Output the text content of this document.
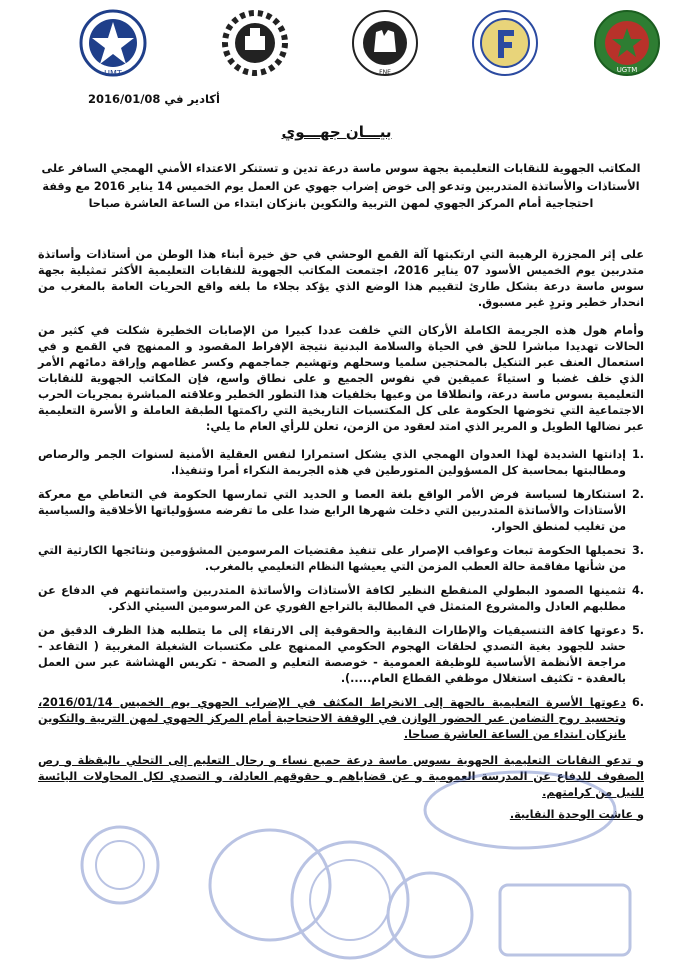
UMT	FNE	UGTM
أكادير في 2016/01/08
بيـــان جهـــوي

المكاتب الجهوية للنقابات التعليمية بجهة سوس ماسة درعة تدين و تستنكر الاعتداء الأمني الهمجي السافر على الأستاذات والأساتذة المتدربين وتدعو إلى خوض إضراب جهوي عن العمل يوم الخميس 14 يناير 2016 مع وقفة احتجاجية أمام المركز الجهوي لمهن التربية والتكوين بانزكان ابتداء من الساعة العاشرة صباحا

على إثر المجزرة الرهيبة التي ارتكبتها آلة القمع الوحشي في حق خيرة أبناء هذا الوطن من أستاذات وأساتذة متدربين يوم الخميس الأسود 07 يناير 2016، اجتمعت المكاتب الجهوية للنقابات التعليمية الأكثر تمثيلية بجهة سوس ماسة درعة بشكل طارئ لتقييم هذا الوضع الذي يؤكد بجلاء ما بلغه واقع الحريات العامة بالمغرب من انحدار خطير وتردٍ غير مسبوق.

وأمام هول هذه الجريمة الكاملة الأركان التي خلفت عددا كبيرا من الإصابات الخطيرة شكلت في كثير من الحالات تهديدا مباشرا للحق في الحياة والسلامة البدنية نتيجة الإفراط المقصود و الممنهج في القمع و في استعمال العنف عبر التنكيل بالمحتجين سلميا وسحلهم وتهشيم جماجمهم وكسر عظامهم وإراقة دمائهم الأمر الذي خلف غضبا و استياءً عميقين في نفوس الجميع و على نطاق واسع، فإن المكاتب الجهوية للنقابات التعليمية بسوس ماسة درعة، وانطلاقا من وعيها بخلفيات هذا التطور الخطير وعلاقته المباشرة بمجريات الحرب الاجتماعية التي تخوضها الحكومة على كل المكتسبات التاريخية التي راكمتها الطبقة العاملة و الأسرة التعليمية عبر نضالها الطويل و المرير الذي امتد لعقود من الزمن، تعلن للرأي العام ما يلي:

.1
إدانتها الشديدة لهذا العدوان الهمجي الذي يشكل استمرارا لنفس العقلية الأمنية لسنوات الجمر والرصاص ومطالبتها بمحاسبة كل المسؤولين المتورطين في هذه الجريمة النكراء أمرا وتنفيذا.
.2
استنكارها لسياسة فرض الأمر الواقع بلغة العصا و الحديد التي تمارسها الحكومة في التعاطي مع معركة الأستاذات والأساتذة المتدربين التي دخلت شهرها الرابع ضدا على ما تفرضه مسؤولياتها الأخلاقية والسياسية من تغليب لمنطق الحوار.
.3
تحميلها الحكومة تبعات وعواقب الإصرار على تنفيذ مقتضيات المرسومين المشؤومين ونتائجها الكارثية التي من شأنها مفاقمة حالة العطب المزمن التي يعيشها النظام التعليمي بالمغرب.
.4
تثمينها الصمود البطولي المنقطع النظير لكافة الأستاذات والأساتذة المتدربين واستماتتهم في الدفاع عن مطلبهم العادل والمشروع المتمثل في المطالبة بالتراجع الفوري عن المرسومين السيئي الذكر.
.5
دعوتها كافة التنسيقيات والإطارات النقابية والحقوقية إلى الارتقاء إلى ما يتطلبه هذا الظرف الدقيق من حشد للجهود بغية التصدي لحلقات الهجوم الحكومي الممنهج على مكتسبات الشغيلة المغربية ( التقاعد - مراجعة الأنظمة الأساسية للوظيفة العمومية - خوصصة التعليم و الصحة - تكريس الهشاشة عبر سن العمل بالعقدة - تكثيف استغلال موظفي القطاع العام.....).
.6
دعوتها الأسرة التعليمية بالجهة إلى الانخراط المكثف في الإضراب الجهوي يوم الخميس 2016/01/14، وتجسيد روح التضامن عبر الحضور الوازن في الوقفة الاحتجاجية أمام المركز الجهوي لمهن التربية والتكوين بانزكان ابتداء من الساعة العاشرة صباحا.

و تدعو النقابات التعليمية الجهوية بسوس ماسة درعة جميع نساء و رجال التعليم إلى التحلي باليقظة و رص الصفوف للدفاع عن المدرسة العمومية و عن قضاياهم و حقوقهم العادلة، و التصدي لكل المحاولات اليائسة للنيل من كرامتهم.

و عاشت الوحدة النقابية.
